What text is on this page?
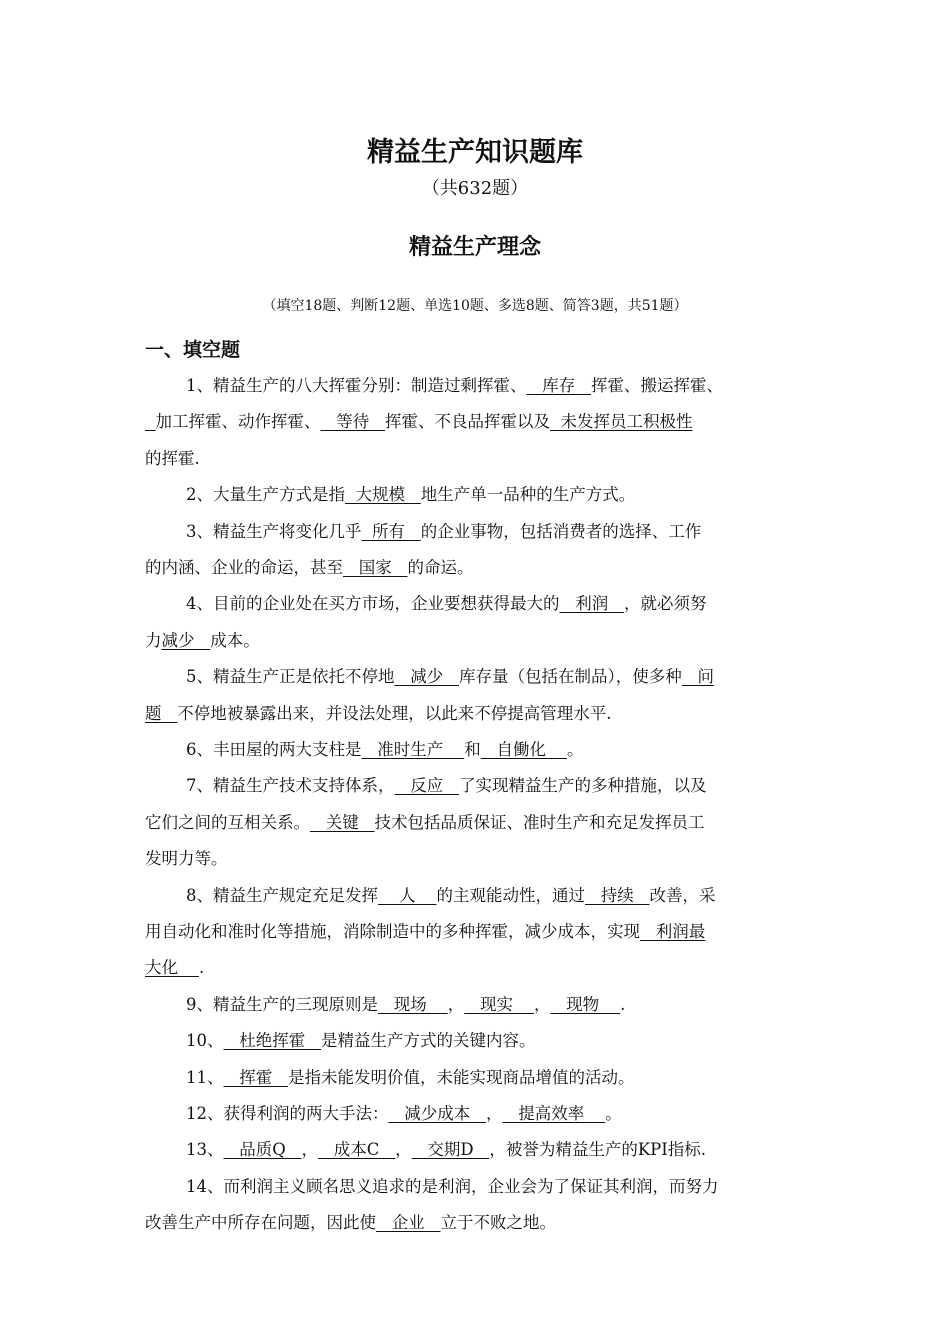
精益生产知识题库
（共632题）
精益生产理念
（填空18题、判断12题、单选10题、多选8题、简答3题，共51题）
一、填空题
1、精益生产的八大挥霍分别：制造过剩挥霍、   库存   挥霍、搬运挥霍、
加工挥霍、动作挥霍、   等待   挥霍、不良品挥霍以及  未发挥员工积极性
的挥霍.
2、大量生产方式是指  大规模   地生产单一品种的生产方式。
3、精益生产将变化几乎  所有   的企业事物，包括消费者的选择、工作
的内涵、企业的命运，甚至   国家   的命运。
4、目前的企业处在买方市场，企业要想获得最大的   利润   ，就必须努
力减少   成本。
5、精益生产正是依托不停地   减少   库存量（包括在制品），使多种   问
题   不停地被暴露出来，并设法处理，以此来不停提高管理水平.
6、丰田屋的两大支柱是   准时生产    和   自働化    。
7、精益生产技术支持体系，   反应   了实现精益生产的多种措施，以及
它们之间的互相关系。   关键   技术包括品质保证、准时生产和充足发挥员工
发明力等。
8、精益生产规定充足发挥    人    的主观能动性，通过   持续   改善，采
用自动化和准时化等措施，消除制造中的多种挥霍，减少成本，实现   利润最
大化    .
9、精益生产的三现原则是   现场    ，   现实    ，   现物    .
10、   杜绝挥霍   是精益生产方式的关键内容。
11、   挥霍   是指未能发明价值，未能实现商品增值的活动。
12、获得利润的两大手法：   减少成本   ，   提高效率    。
13、   品质Q   ，   成本C   ，   交期D   ，被誉为精益生产的KPI指标.
14、而利润主义顾名思义追求的是利润，企业会为了保证其利润，而努力
改善生产中所存在问题，因此使   企业   立于不败之地。
